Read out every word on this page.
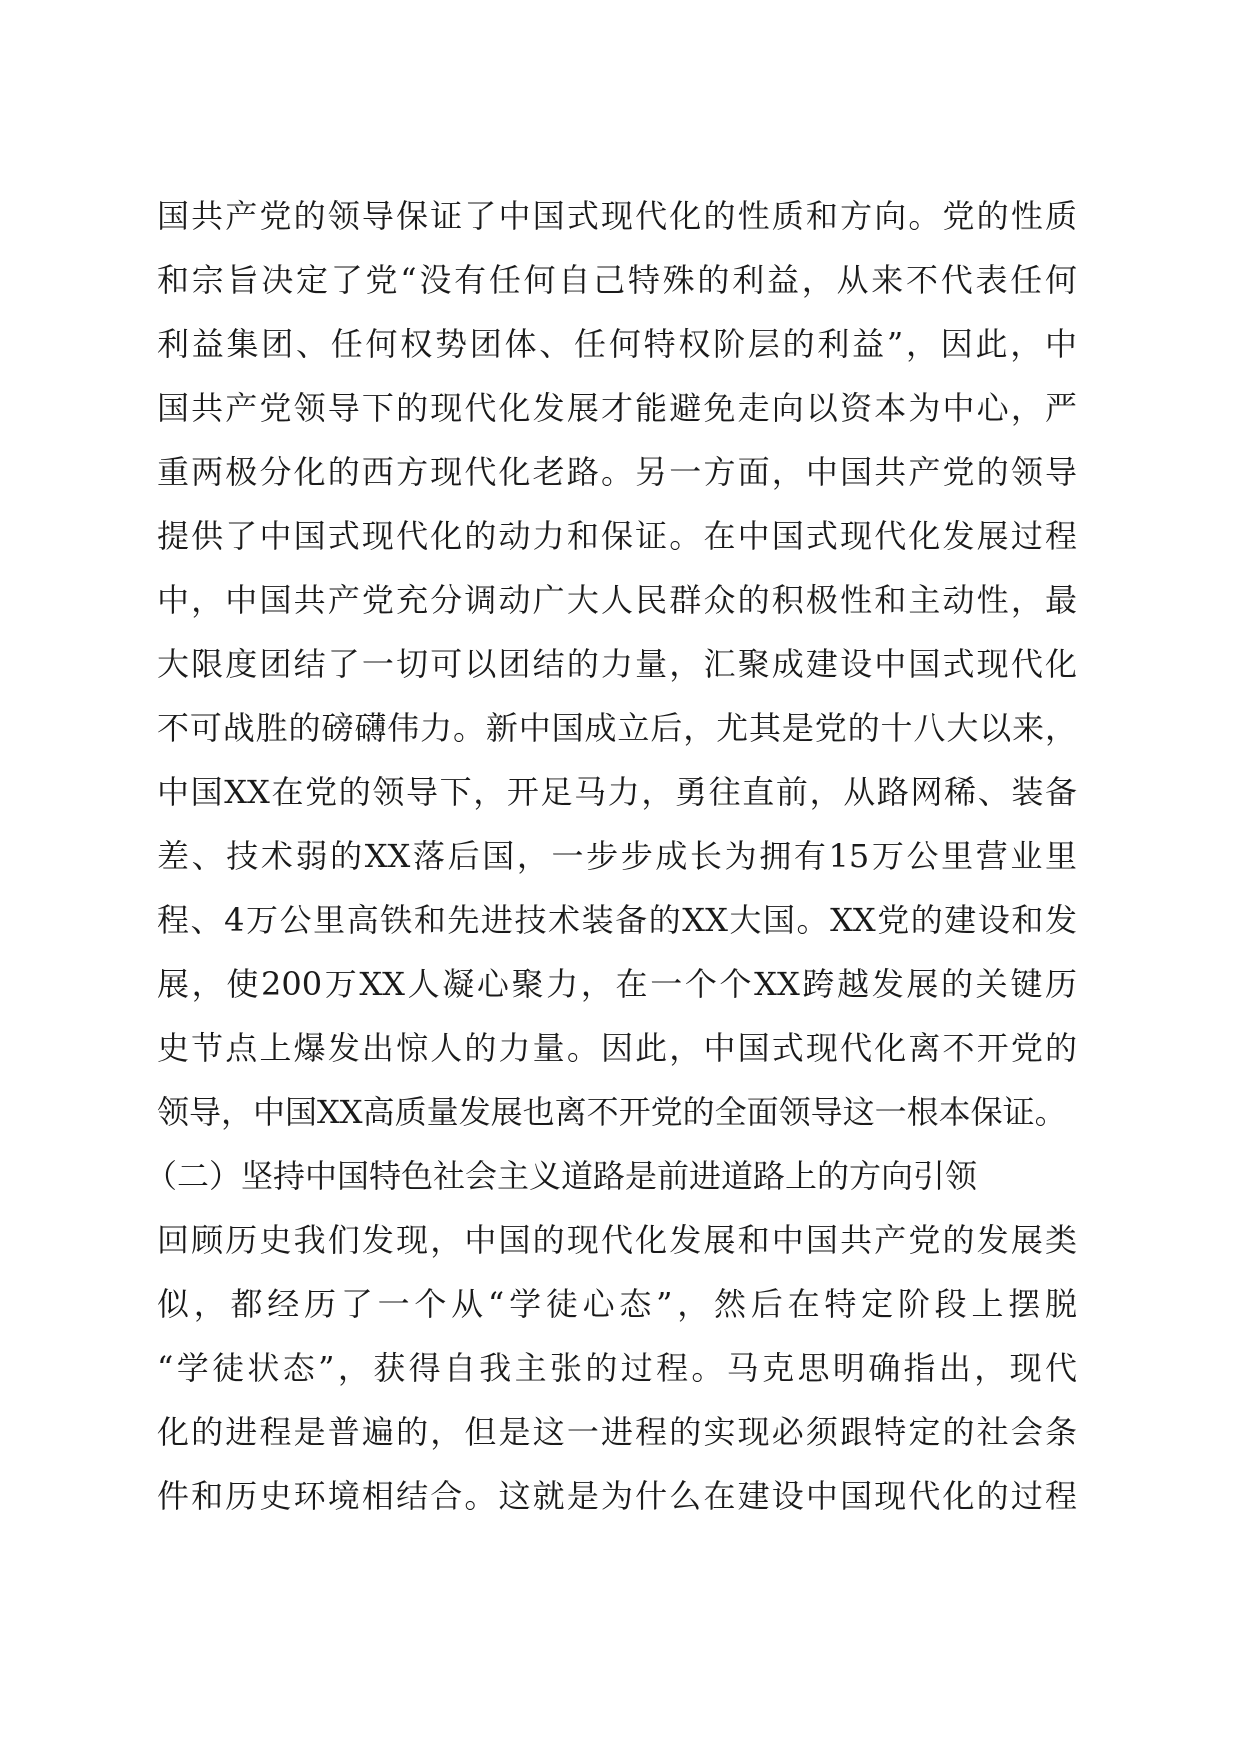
国共产党的领导保证了中国式现代化的性质和方向。党的性质
和宗旨决定了党“没有任何自己特殊的利益，从来不代表任何
利益集团、任何权势团体、任何特权阶层的利益”，因此，中
国共产党领导下的现代化发展才能避免走向以资本为中心，严
重两极分化的西方现代化老路。另一方面，中国共产党的领导
提供了中国式现代化的动力和保证。在中国式现代化发展过程
中，中国共产党充分调动广大人民群众的积极性和主动性，最
大限度团结了一切可以团结的力量，汇聚成建设中国式现代化
不可战胜的磅礴伟力。新中国成立后，尤其是党的十八大以来，
中国XX在党的领导下，开足马力，勇往直前，从路网稀、装备
差、技术弱的XX落后国，一步步成长为拥有15万公里营业里
程、4万公里高铁和先进技术装备的XX大国。XX党的建设和发
展，使200万XX人凝心聚力，在一个个XX跨越发展的关键历
史节点上爆发出惊人的力量。因此，中国式现代化离不开党的
领导，中国XX高质量发展也离不开党的全面领导这一根本保证。
（二）坚持中国特色社会主义道路是前进道路上的方向引领
回顾历史我们发现，中国的现代化发展和中国共产党的发展类
似，都经历了一个从“学徒心态”，然后在特定阶段上摆脱
“学徒状态”，获得自我主张的过程。马克思明确指出，现代
化的进程是普遍的，但是这一进程的实现必须跟特定的社会条
件和历史环境相结合。这就是为什么在建设中国现代化的过程
